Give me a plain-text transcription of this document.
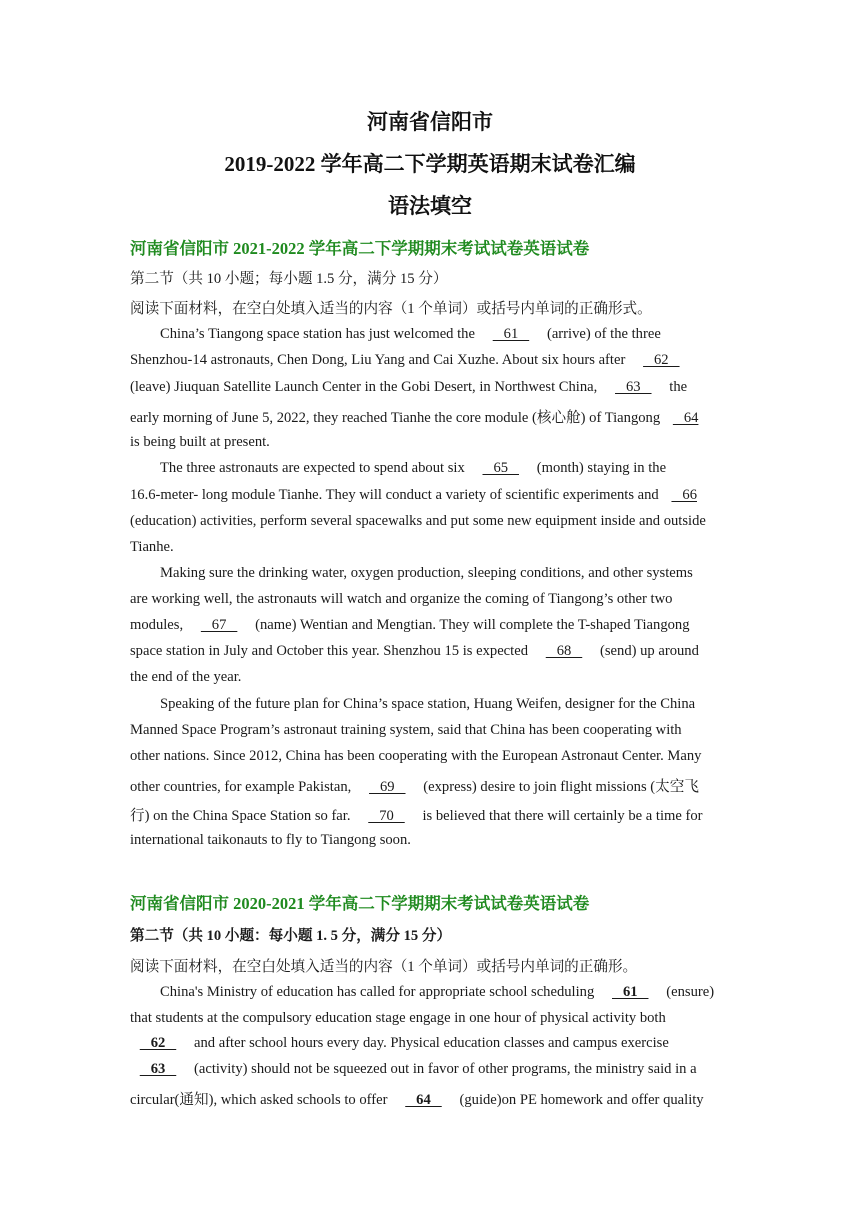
河南省信阳市
2019-2022 学年高二下学期英语期末试卷汇编
语法填空
河南省信阳市 2021-2022 学年高二下学期期末考试试卷英语试卷
第二节（共 10 小题；每小题 1.5 分，满分 15 分）
阅读下面材料，在空白处填入适当的内容（1 个单词）或括号内单词的正确形式。
China’s Tiangong space station has just welcomed the   61   (arrive) of the three
Shenzhou-14 astronauts, Chen Dong, Liu Yang and Cai Xuzhe. About six hours after   62
(leave) Jiuquan Satellite Launch Center in the Gobi Desert, in Northwest China,   63   the
early morning of June 5, 2022, they reached Tianhe the core module (核心舱) of Tiangong   64
is being built at present.
The three astronauts are expected to spend about six   65   (month) staying in the
16.6-meter- long module Tianhe. They will conduct a variety of scientific experiments and   66
(education) activities, perform several spacewalks and put some new equipment inside and outside
Tianhe.
Making sure the drinking water, oxygen production, sleeping conditions, and other systems
are working well, the astronauts will watch and organize the coming of Tiangong’s other two
modules,   67   (name) Wentian and Mengtian. They will complete the T-shaped Tiangong
space station in July and October this year. Shenzhou 15 is expected   68   (send) up around
the end of the year.
Speaking of the future plan for China’s space station, Huang Weifen, designer for the China
Manned Space Program’s astronaut training system, said that China has been cooperating with
other nations. Since 2012, China has been cooperating with the European Astronaut Center. Many
other countries, for example Pakistan,   69   (express) desire to join flight missions (太空飞
行) on the China Space Station so far.   70   is believed that there will certainly be a time for
international taikonauts to fly to Tiangong soon.
河南省信阳市 2020-2021 学年高二下学期期末考试试卷英语试卷
第二节（共 10 小题：每小题 1. 5 分，满分 15 分）
阅读下面材料，在空白处填入适当的内容（1 个单词）或括号内单词的正确形。
China's Ministry of education has called for appropriate school scheduling   61   (ensure)
that students at the compulsory education stage engage in one hour of physical activity both
62   and after school hours every day. Physical education classes and campus exercise
63   (activity) should not be squeezed out in favor of other programs, the ministry said in a
circular(通知), which asked schools to offer   64   (guide)on PE homework and offer quality
